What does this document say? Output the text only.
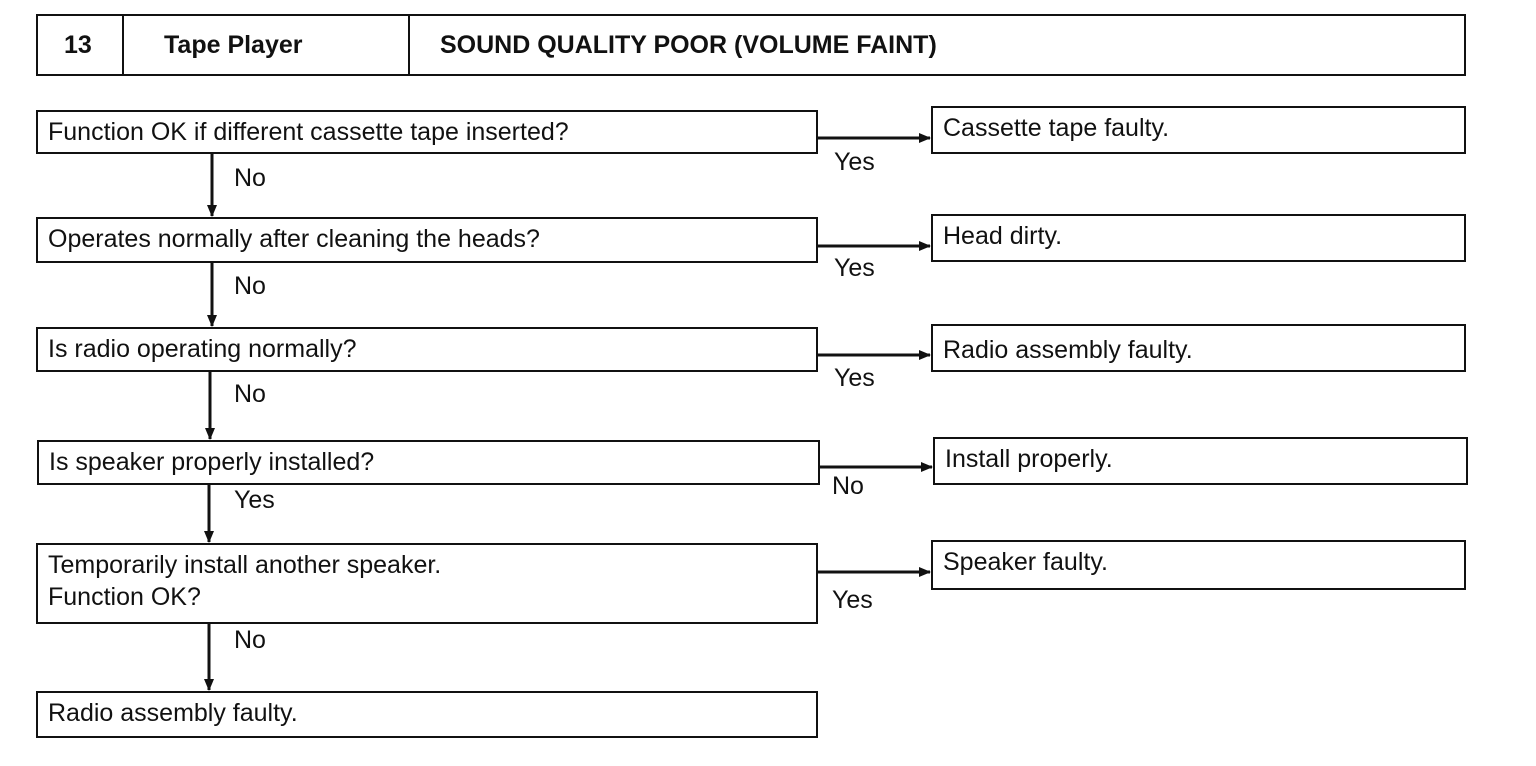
13	Tape Player	SOUND QUALITY POOR (VOLUME FAINT)
Function OK if different cassette tape inserted?	Cassette tape faulty.
Yes
No
Operates normally after cleaning the heads?	Head dirty.
Yes
No
Is radio operating normally?	Radio assembly faulty.
Yes
No
Is speaker properly installed?	Install properly.
No
Yes
Temporarily install another speaker.
Function OK?
Speaker faulty.
Yes
No
Radio assembly faulty.
